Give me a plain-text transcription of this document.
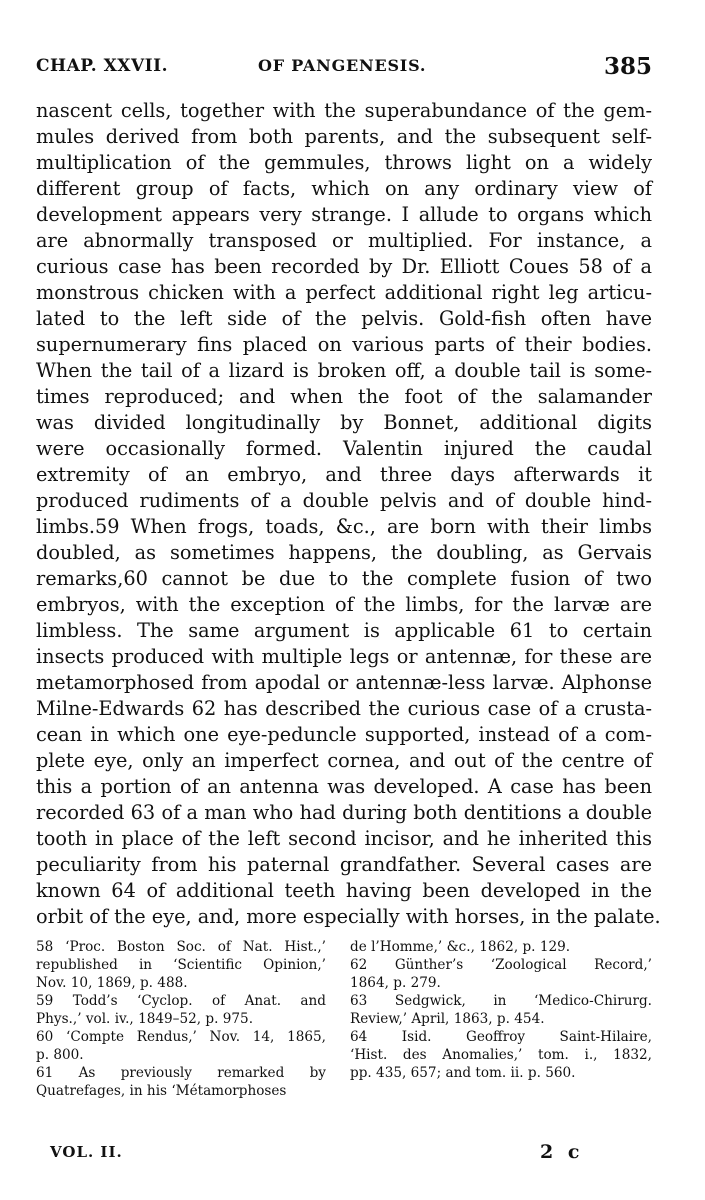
CHAP. XXVII.	OF PANGENESIS.	385
nascent cells, together with the superabundance of the gem-
mules derived from both parents, and the subsequent self-
multiplication of the gemmules, throws light on a widely
different group of facts, which on any ordinary view of
development appears very strange. I allude to organs which
are abnormally transposed or multiplied. For instance, a
curious case has been recorded by Dr. Elliott Coues 58 of a
monstrous chicken with a perfect additional right leg articu-
lated to the left side of the pelvis. Gold-fish often have
supernumerary fins placed on various parts of their bodies.
When the tail of a lizard is broken off, a double tail is some-
times reproduced; and when the foot of the salamander
was divided longitudinally by Bonnet, additional digits
were occasionally formed. Valentin injured the caudal
extremity of an embryo, and three days afterwards it
produced rudiments of a double pelvis and of double hind-
limbs.59 When frogs, toads, &c., are born with their limbs
doubled, as sometimes happens, the doubling, as Gervais
remarks,60 cannot be due to the complete fusion of two
embryos, with the exception of the limbs, for the larvæ are
limbless. The same argument is applicable 61 to certain
insects produced with multiple legs or antennæ, for these are
metamorphosed from apodal or antennæ-less larvæ. Alphonse
Milne-Edwards 62 has described the curious case of a crusta-
cean in which one eye-peduncle supported, instead of a com-
plete eye, only an imperfect cornea, and out of the centre of
this a portion of an antenna was developed. A case has been
recorded 63 of a man who had during both dentitions a double
tooth in place of the left second incisor, and he inherited this
peculiarity from his paternal grandfather. Several cases are
known 64 of additional teeth having been developed in the
orbit of the eye, and, more especially with horses, in the palate.
58 ‘Proc. Boston Soc. of Nat. Hist.,’
republished in ‘Scientific Opinion,’
Nov. 10, 1869, p. 488.
59 Todd’s ‘Cyclop. of Anat. and
Phys.,’ vol. iv., 1849–52, p. 975.
60 ‘Compte Rendus,’ Nov. 14, 1865,
p. 800.
61 As previously remarked by
Quatrefages, in his ‘Métamorphoses
de l’Homme,’ &c., 1862, p. 129.
62 Günther’s ‘Zoological Record,’
1864, p. 279.
63 Sedgwick, in ‘Medico-Chirurg.
Review,’ April, 1863, p. 454.
64 Isid. Geoffroy Saint-Hilaire,
‘Hist. des Anomalies,’ tom. i., 1832,
pp. 435, 657; and tom. ii. p. 560.
VOL. II.	2 c
